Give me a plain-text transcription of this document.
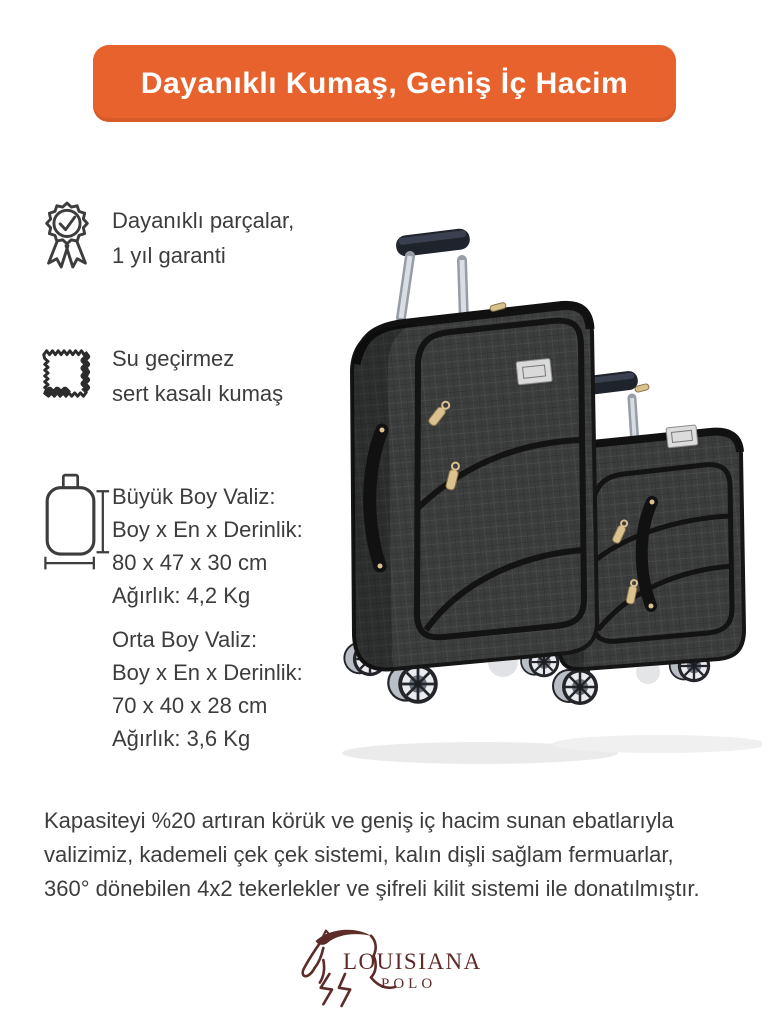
Dayanıklı Kumaş, Geniş İç Hacim
Dayanıklı parçalar,
1 yıl garanti
Su geçirmez
sert kasalı kumaş
Büyük Boy Valiz:
Boy x En x Derinlik:
80 x 47 x 30 cm
Ağırlık: 4,2 Kg
Orta Boy Valiz:
Boy x En x Derinlik:
70 x 40 x 28 cm
Ağırlık: 3,6 Kg
Kapasiteyi %20 artıran körük ve geniş iç hacim sunan ebatlarıyla
valizimiz, kademeli çek çek sistemi, kalın dişli sağlam fermuarlar,
360° dönebilen 4x2 tekerlekler ve şifreli kilit sistemi ile donatılmıştır.
LOUISIANA
POLO
